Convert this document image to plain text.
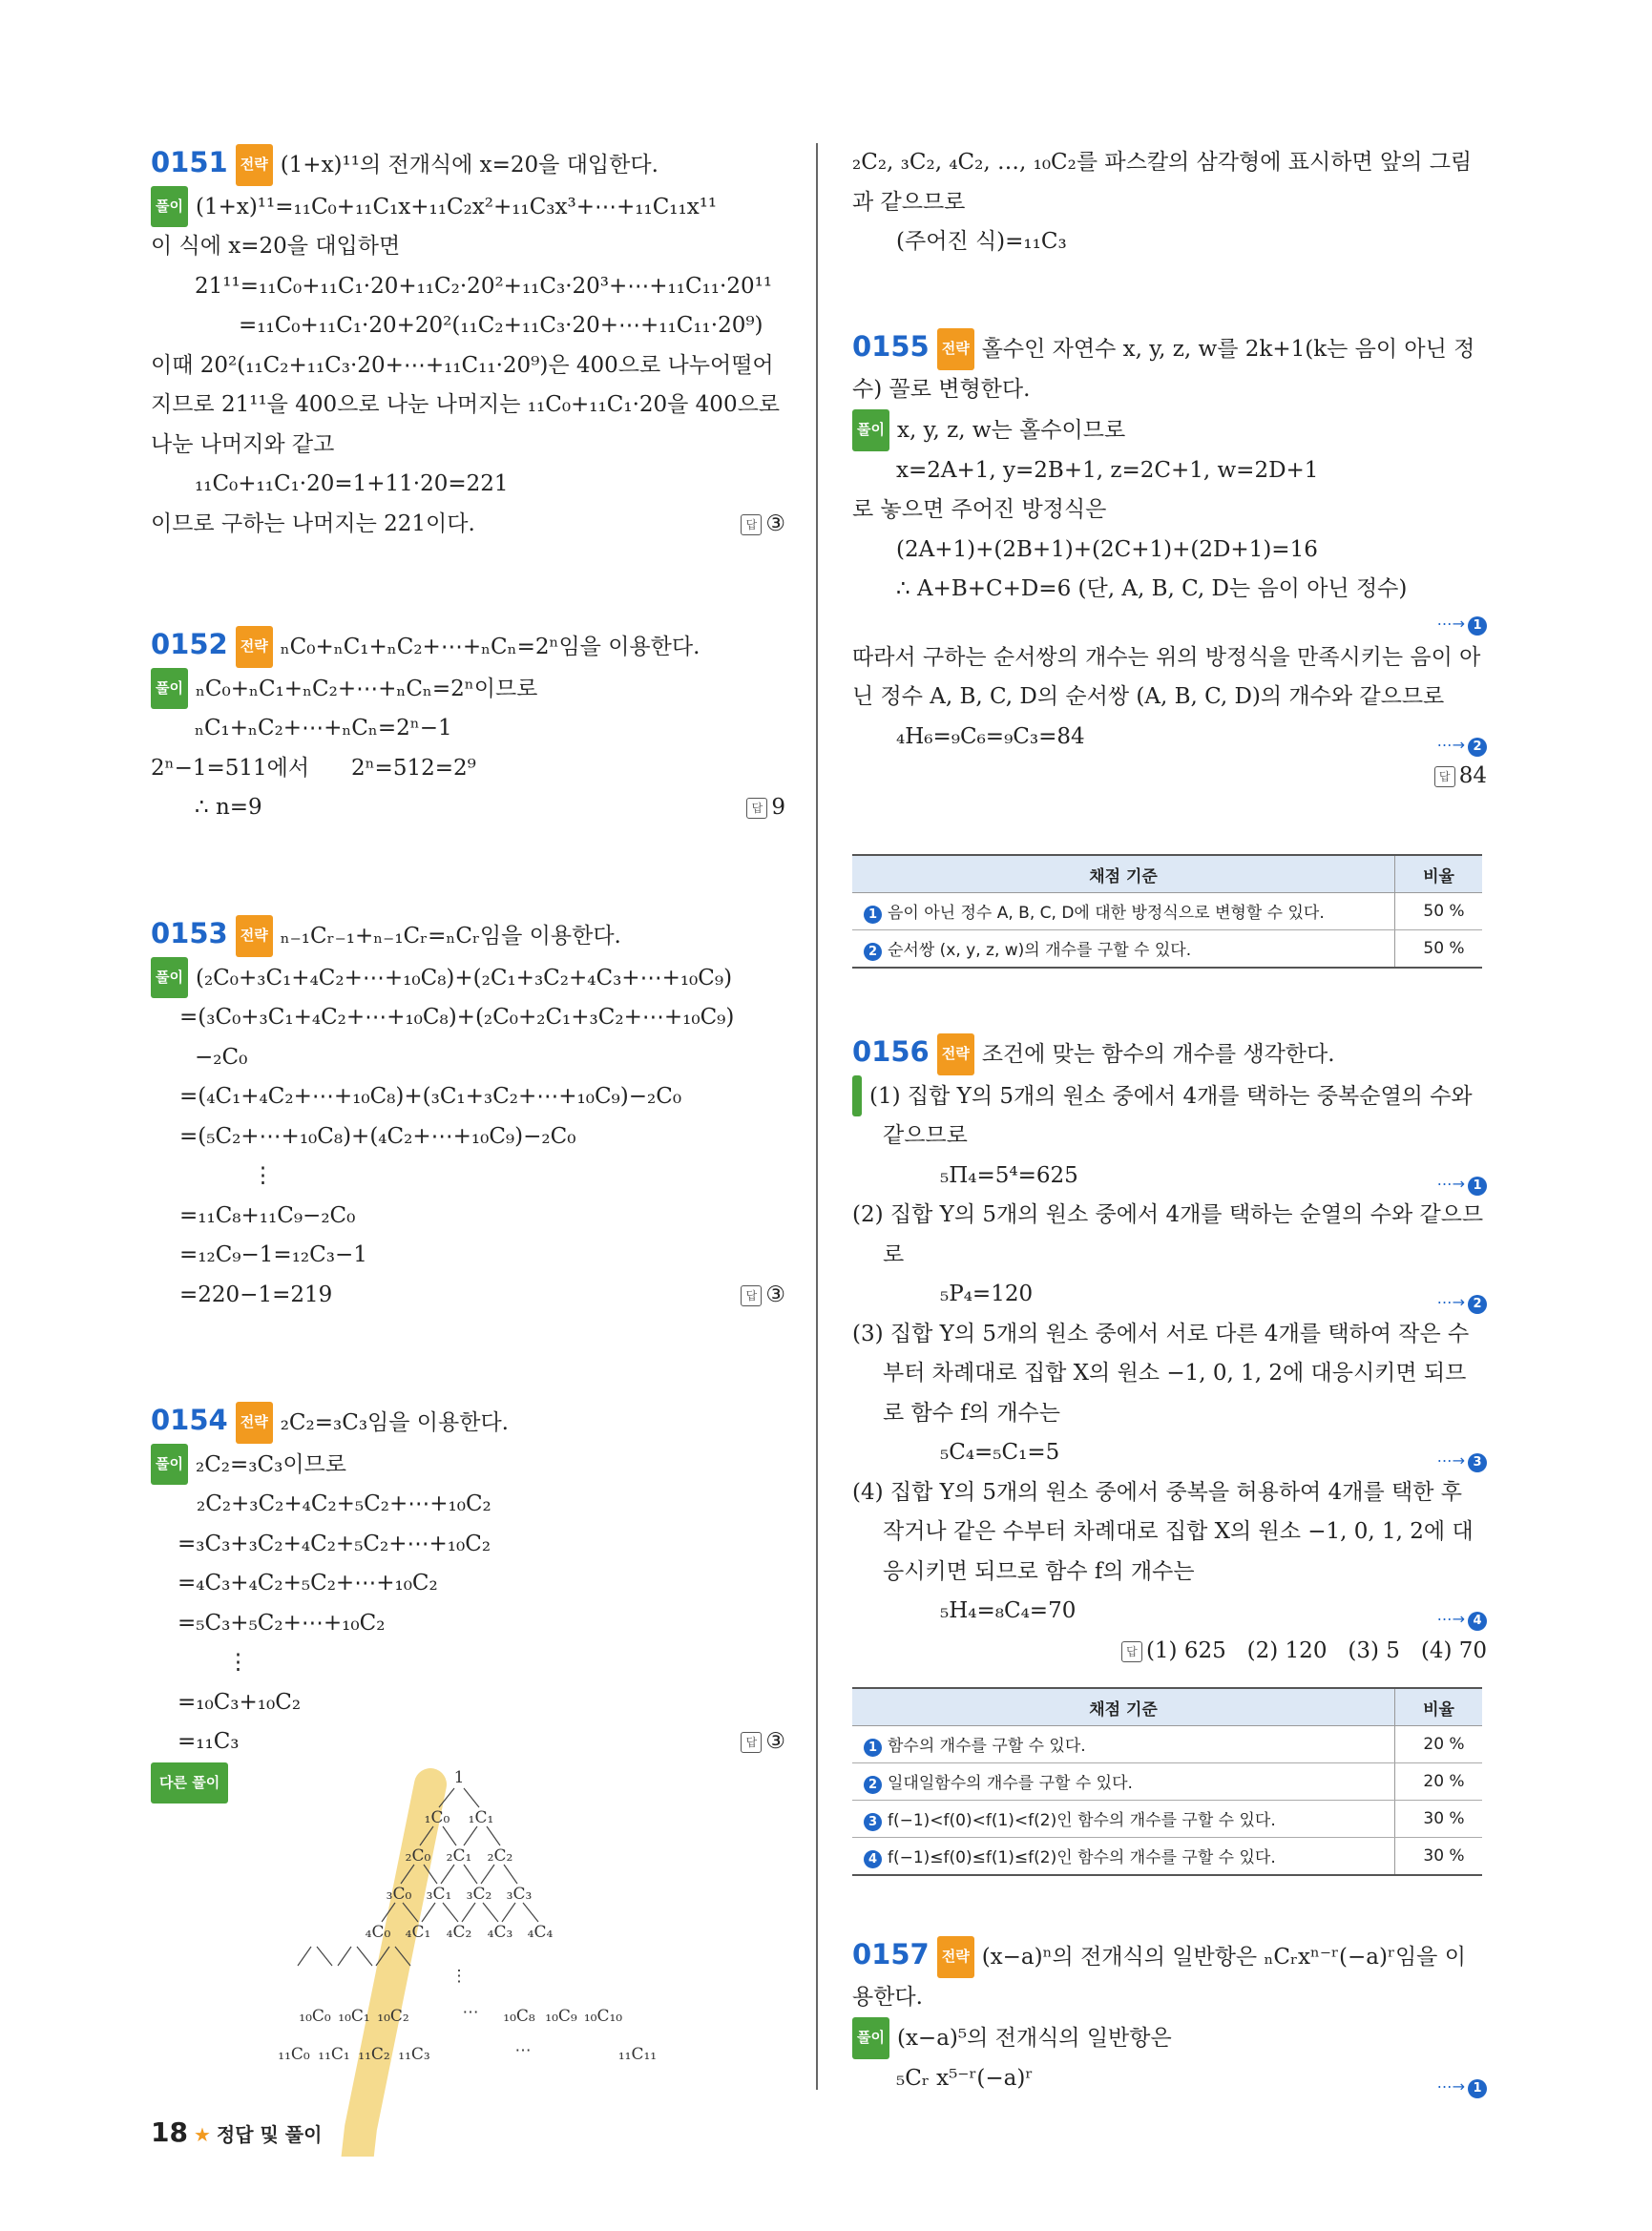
0151 전략 (1+x)¹¹의 전개식에 x=20을 대입한다.
풀이 (1+x)¹¹=₁₁C₀+₁₁C₁x+₁₁C₂x²+₁₁C₃x³+⋯+₁₁C₁₁x¹¹
이 식에 x=20을 대입하면
21¹¹=₁₁C₀+₁₁C₁·20+₁₁C₂·20²+₁₁C₃·20³+⋯+₁₁C₁₁·20¹¹
=₁₁C₀+₁₁C₁·20+20²(₁₁C₂+₁₁C₃·20+⋯+₁₁C₁₁·20⁹)
이때 20²(₁₁C₂+₁₁C₃·20+⋯+₁₁C₁₁·20⁹)은 400으로 나누어떨어지므로 21¹¹을 400으로 나눈 나머지는 ₁₁C₀+₁₁C₁·20을 400으로 나눈 나머지와 같고
₁₁C₀+₁₁C₁·20=1+11·20=221
이므로 구하는 나머지는 221이다.	답 ③
0152 전략 ₙC₀+ₙC₁+ₙC₂+⋯+ₙCₙ=2ⁿ임을 이용한다.
풀이 ₙC₀+ₙC₁+ₙC₂+⋯+ₙCₙ=2ⁿ이므로
ₙC₁+ₙC₂+⋯+ₙCₙ=2ⁿ−1
2ⁿ−1=511에서      2ⁿ=512=2⁹
∴ n=9	답 9
0153 전략 ₙ₋₁Cᵣ₋₁+ₙ₋₁Cᵣ=ₙCᵣ임을 이용한다.
풀이 (₂C₀+₃C₁+₄C₂+⋯+₁₀C₈)+(₂C₁+₃C₂+₄C₃+⋯+₁₀C₉)
=(₃C₀+₃C₁+₄C₂+⋯+₁₀C₈)+(₂C₀+₂C₁+₃C₂+⋯+₁₀C₉)
−₂C₀
=(₄C₁+₄C₂+⋯+₁₀C₈)+(₃C₁+₃C₂+⋯+₁₀C₉)−₂C₀
=(₅C₂+⋯+₁₀C₈)+(₄C₂+⋯+₁₀C₉)−₂C₀
⋮
=₁₁C₈+₁₁C₉−₂C₀
=₁₂C₉−1=₁₂C₃−1
=220−1=219	답 ③
0154 전략 ₂C₂=₃C₃임을 이용한다.
풀이 ₂C₂=₃C₃이므로
₂C₂+₃C₂+₄C₂+₅C₂+⋯+₁₀C₂
=₃C₃+₃C₂+₄C₂+₅C₂+⋯+₁₀C₂
=₄C₃+₄C₂+₅C₂+⋯+₁₀C₂
=₅C₃+₅C₂+⋯+₁₀C₂
⋮
=₁₀C₃+₁₀C₂
=₁₁C₃	답 ③
다른 풀이	1
₁C₀ ₁C₁
₂C₀ ₂C₁ ₂C₂
₃C₀ ₃C₁ ₃C₂ ₃C₃
₄C₀ ₄C₁ ₄C₂ ₄C₃ ₄C₄
⋮
₁₀C₀ ₁₀C₁ ₁₀C₂	⋯ ₁₀C₈ ₁₀C₉ ₁₀C₁₀
₁₁C₀ ₁₁C₁ ₁₁C₂ ₁₁C₃	⋯	₁₁C₁₁
₂C₂, ₃C₂, ₄C₂, …, ₁₀C₂를 파스칼의 삼각형에 표시하면 앞의 그림과 같으므로
(주어진 식)=₁₁C₃
0155 전략 홀수인 자연수 x, y, z, w를 2k+1(k는 음이 아닌 정수) 꼴로 변형한다.
풀이 x, y, z, w는 홀수이므로
x=2A+1, y=2B+1, z=2C+1, w=2D+1
로 놓으면 주어진 방정식은
(2A+1)+(2B+1)+(2C+1)+(2D+1)=16
∴ A+B+C+D=6 (단, A, B, C, D는 음이 아닌 정수)
⋯→ 1
따라서 구하는 순서쌍의 개수는 위의 방정식을 만족시키는 음이 아닌 정수 A, B, C, D의 순서쌍 (A, B, C, D)의 개수와 같으므로
₄H₆=₉C₆=₉C₃=84	⋯→ 2
답 84
채점 기준	비율
1 음이 아닌 정수 A, B, C, D에 대한 방정식으로 변형할 수 있다.	50 %
2 순서쌍 (x, y, z, w)의 개수를 구할 수 있다.	50 %
0156 전략 조건에 맞는 함수의 개수를 생각한다.
풀이 (1) 집합 Y의 5개의 원소 중에서 4개를 택하는 중복순열의 수와 같으므로
₅Π₄=5⁴=625	⋯→ 1
(2) 집합 Y의 5개의 원소 중에서 4개를 택하는 순열의 수와 같으므로
₅P₄=120	⋯→ 2
(3) 집합 Y의 5개의 원소 중에서 서로 다른 4개를 택하여 작은 수부터 차례대로 집합 X의 원소 −1, 0, 1, 2에 대응시키면 되므로 함수 f의 개수는
₅C₄=₅C₁=5	⋯→ 3
(4) 집합 Y의 5개의 원소 중에서 중복을 허용하여 4개를 택한 후 작거나 같은 수부터 차례대로 집합 X의 원소 −1, 0, 1, 2에 대응시키면 되므로 함수 f의 개수는
₅H₄=₈C₄=70	⋯→ 4
답 (1) 625   (2) 120   (3) 5   (4) 70
채점 기준	비율
1 함수의 개수를 구할 수 있다.	20 %
2 일대일함수의 개수를 구할 수 있다.	20 %
3 f(−1)<f(0)<f(1)<f(2)인 함수의 개수를 구할 수 있다.	30 %
4 f(−1)≤f(0)≤f(1)≤f(2)인 함수의 개수를 구할 수 있다.	30 %
0157 전략 (x−a)ⁿ의 전개식의 일반항은 ₙCᵣxⁿ⁻ʳ(−a)ʳ임을 이용한다.
풀이 (x−a)⁵의 전개식의 일반항은
₅Cᵣ x⁵⁻ʳ(−a)ʳ	⋯→ 1
18 ★ 정답 및 풀이
